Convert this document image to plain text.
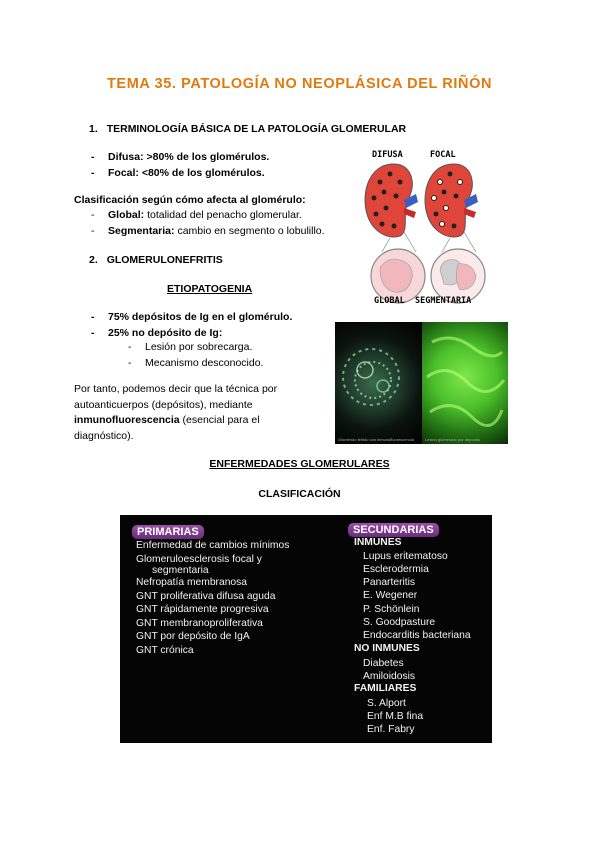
TEMA 35. PATOLOGÍA NO NEOPLÁSICA DEL RIÑÓN
1. TERMINOLOGÍA BÁSICA DE LA PATOLOGÍA GLOMERULAR
- Difusa: >80% de los glomérulos.
- Focal: <80% de los glomérulos.
Clasificación según cómo afecta al glomérulo:
- Global: totalidad del penacho glomerular.
- Segmentaria: cambio en segmento o lobulillo.
2. GLOMERULONEFRITIS
ETIOPATOGENIA
- 75% depósitos de Ig en el glomérulo.
- 25% no depósito de Ig:
- Lesión por sobrecarga.
- Mecanismo desconocido.
Por tanto, podemos decir que la técnica por autoanticuerpos (depósitos), mediante inmunofluorescencia (esencial para el diagnóstico).
ENFERMEDADES GLOMERULARES
CLASIFICACIÓN
DIFUSA	FOCAL
GLOBAL SEGMENTARIA
Glomérulo teñido con inmunofluorescencia	Lesión glomerular por depósito
PRIMARIAS
Enfermedad de cambios mínimos
Glomeruloesclerosis focal y
segmentaria
Nefropatía membranosa
GNT proliferativa difusa aguda
GNT rápidamente progresiva
GNT membranoproliferativa
GNT por depósito de IgA
GNT crónica
SECUNDARIAS
INMUNES
Lupus eritematoso
Esclerodermia
Panarteritis
E. Wegener
P. Schönlein
S. Goodpasture
Endocarditis bacteriana
NO INMUNES
Diabetes
Amiloidosis
FAMILIARES
S. Alport
Enf M.B fina
Enf. Fabry
